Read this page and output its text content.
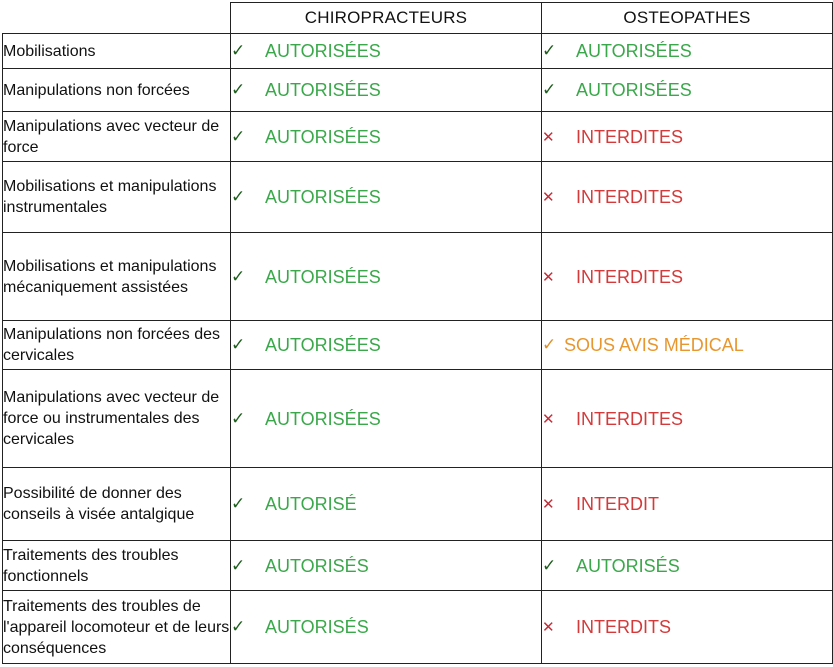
	CHIROPRACTEURS	OSTEOPATHES
Mobilisations	✓ AUTORISÉES	✓ AUTORISÉES
Manipulations non forcées	✓ AUTORISÉES	✓ AUTORISÉES
Manipulations avec vecteur de force	✓ AUTORISÉES	✕ INTERDITES
Mobilisations et manipulations instrumentales	✓ AUTORISÉES	✕ INTERDITES
Mobilisations et manipulations mécaniquement assistées	✓ AUTORISÉES	✕ INTERDITES
Manipulations non forcées des cervicales	✓ AUTORISÉES	✓ SOUS AVIS MÉDICAL
Manipulations avec vecteur de force ou instrumentales des cervicales	✓ AUTORISÉES	✕ INTERDITES
Possibilité de donner des conseils à visée antalgique	✓ AUTORISÉ	✕ INTERDIT
Traitements des troubles fonctionnels	✓ AUTORISÉS	✓ AUTORISÉS
Traitements des troubles de l'appareil locomoteur et de leurs conséquences	✓ AUTORISÉS	✕ INTERDITS
